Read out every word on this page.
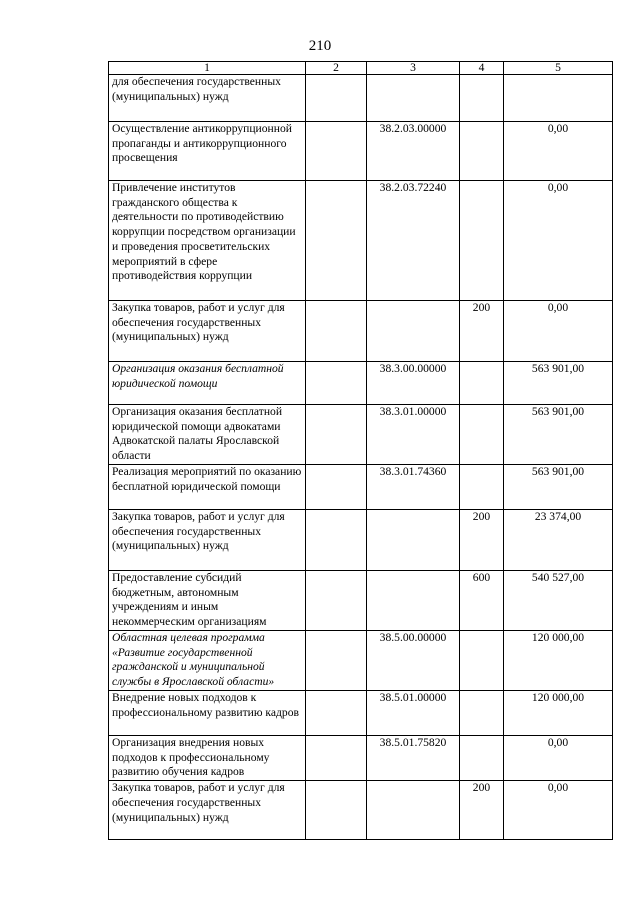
210
1	2	3	4	5
для обеспечения государственных (муниципальных) нужд				
Осуществление антикоррупционной пропаганды и антикоррупционного просвещения		38.2.03.00000		0,00
Привлечение институтов гражданского общества к деятельности по противодействию коррупции посредством организации и проведения просветительских мероприятий в сфере противодействия коррупции		38.2.03.72240		0,00
Закупка товаров, работ и услуг для обеспечения государственных (муниципальных) нужд			200	0,00
Организация оказания бесплатной юридической помощи		38.3.00.00000		563 901,00
Организация оказания бесплатной юридической помощи адвокатами Адвокатской палаты Ярославской области		38.3.01.00000		563 901,00
Реализация мероприятий по оказанию бесплатной юридической помощи		38.3.01.74360		563 901,00
Закупка товаров, работ и услуг для обеспечения государственных (муниципальных) нужд			200	23 374,00
Предоставление субсидий бюджетным, автономным учреждениям и иным некоммерческим организациям			600	540 527,00
Областная целевая программа «Развитие государственной гражданской и муниципальной службы в Ярославской области»		38.5.00.00000		120 000,00
Внедрение новых подходов к профессиональному развитию кадров		38.5.01.00000		120 000,00
Организация внедрения новых подходов к профессиональному развитию обучения кадров		38.5.01.75820		0,00
Закупка товаров, работ и услуг для обеспечения государственных (муниципальных) нужд			200	0,00
